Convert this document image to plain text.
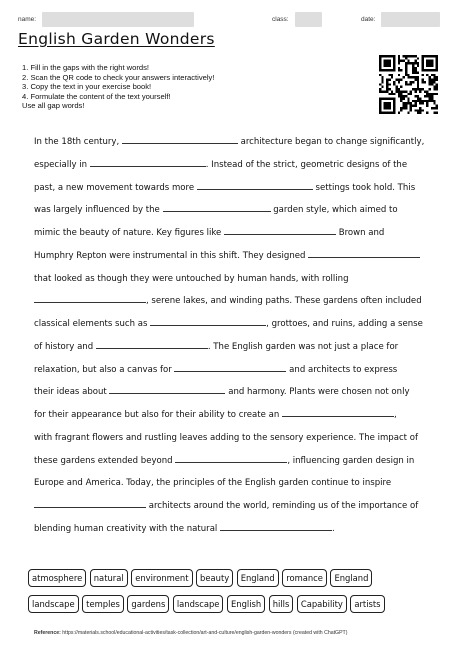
name:	class:	date:
English Garden Wonders
1. Fill in the gaps with the right words!
2. Scan the QR code to check your answers interactively!
3. Copy the text in your exercise book!
4. Formulate the content of the text yourself!
Use all gap words!
In the 18th century,	architecture began to change significantly,
especially in	. Instead of the strict, geometric designs of the
past, a new movement towards more	settings took hold. This
was largely influenced by the	garden style, which aimed to
mimic the beauty of nature. Key figures like	Brown and
Humphry Repton were instrumental in this shift. They designed
that looked as though they were untouched by human hands, with rolling
, serene lakes, and winding paths. These gardens often included
classical elements such as	, grottoes, and ruins, adding a sense
of history and	. The English garden was not just a place for
relaxation, but also a canvas for	and architects to express
their ideas about	and harmony. Plants were chosen not only
for their appearance but also for their ability to create an	,
with fragrant flowers and rustling leaves adding to the sensory experience. The impact of
these gardens extended beyond	, influencing garden design in
Europe and America. Today, the principles of the English garden continue to inspire
architects around the world, reminding us of the importance of
blending human creativity with the natural	.
atmosphere	natural	environment	beauty	England	romance	England
landscape	temples	gardens	landscape	English	hills	Capability	artists
Reference: https://materials.school/educational-activities/task-collection/art-and-culture/english-garden-wonders (created with ChatGPT)
